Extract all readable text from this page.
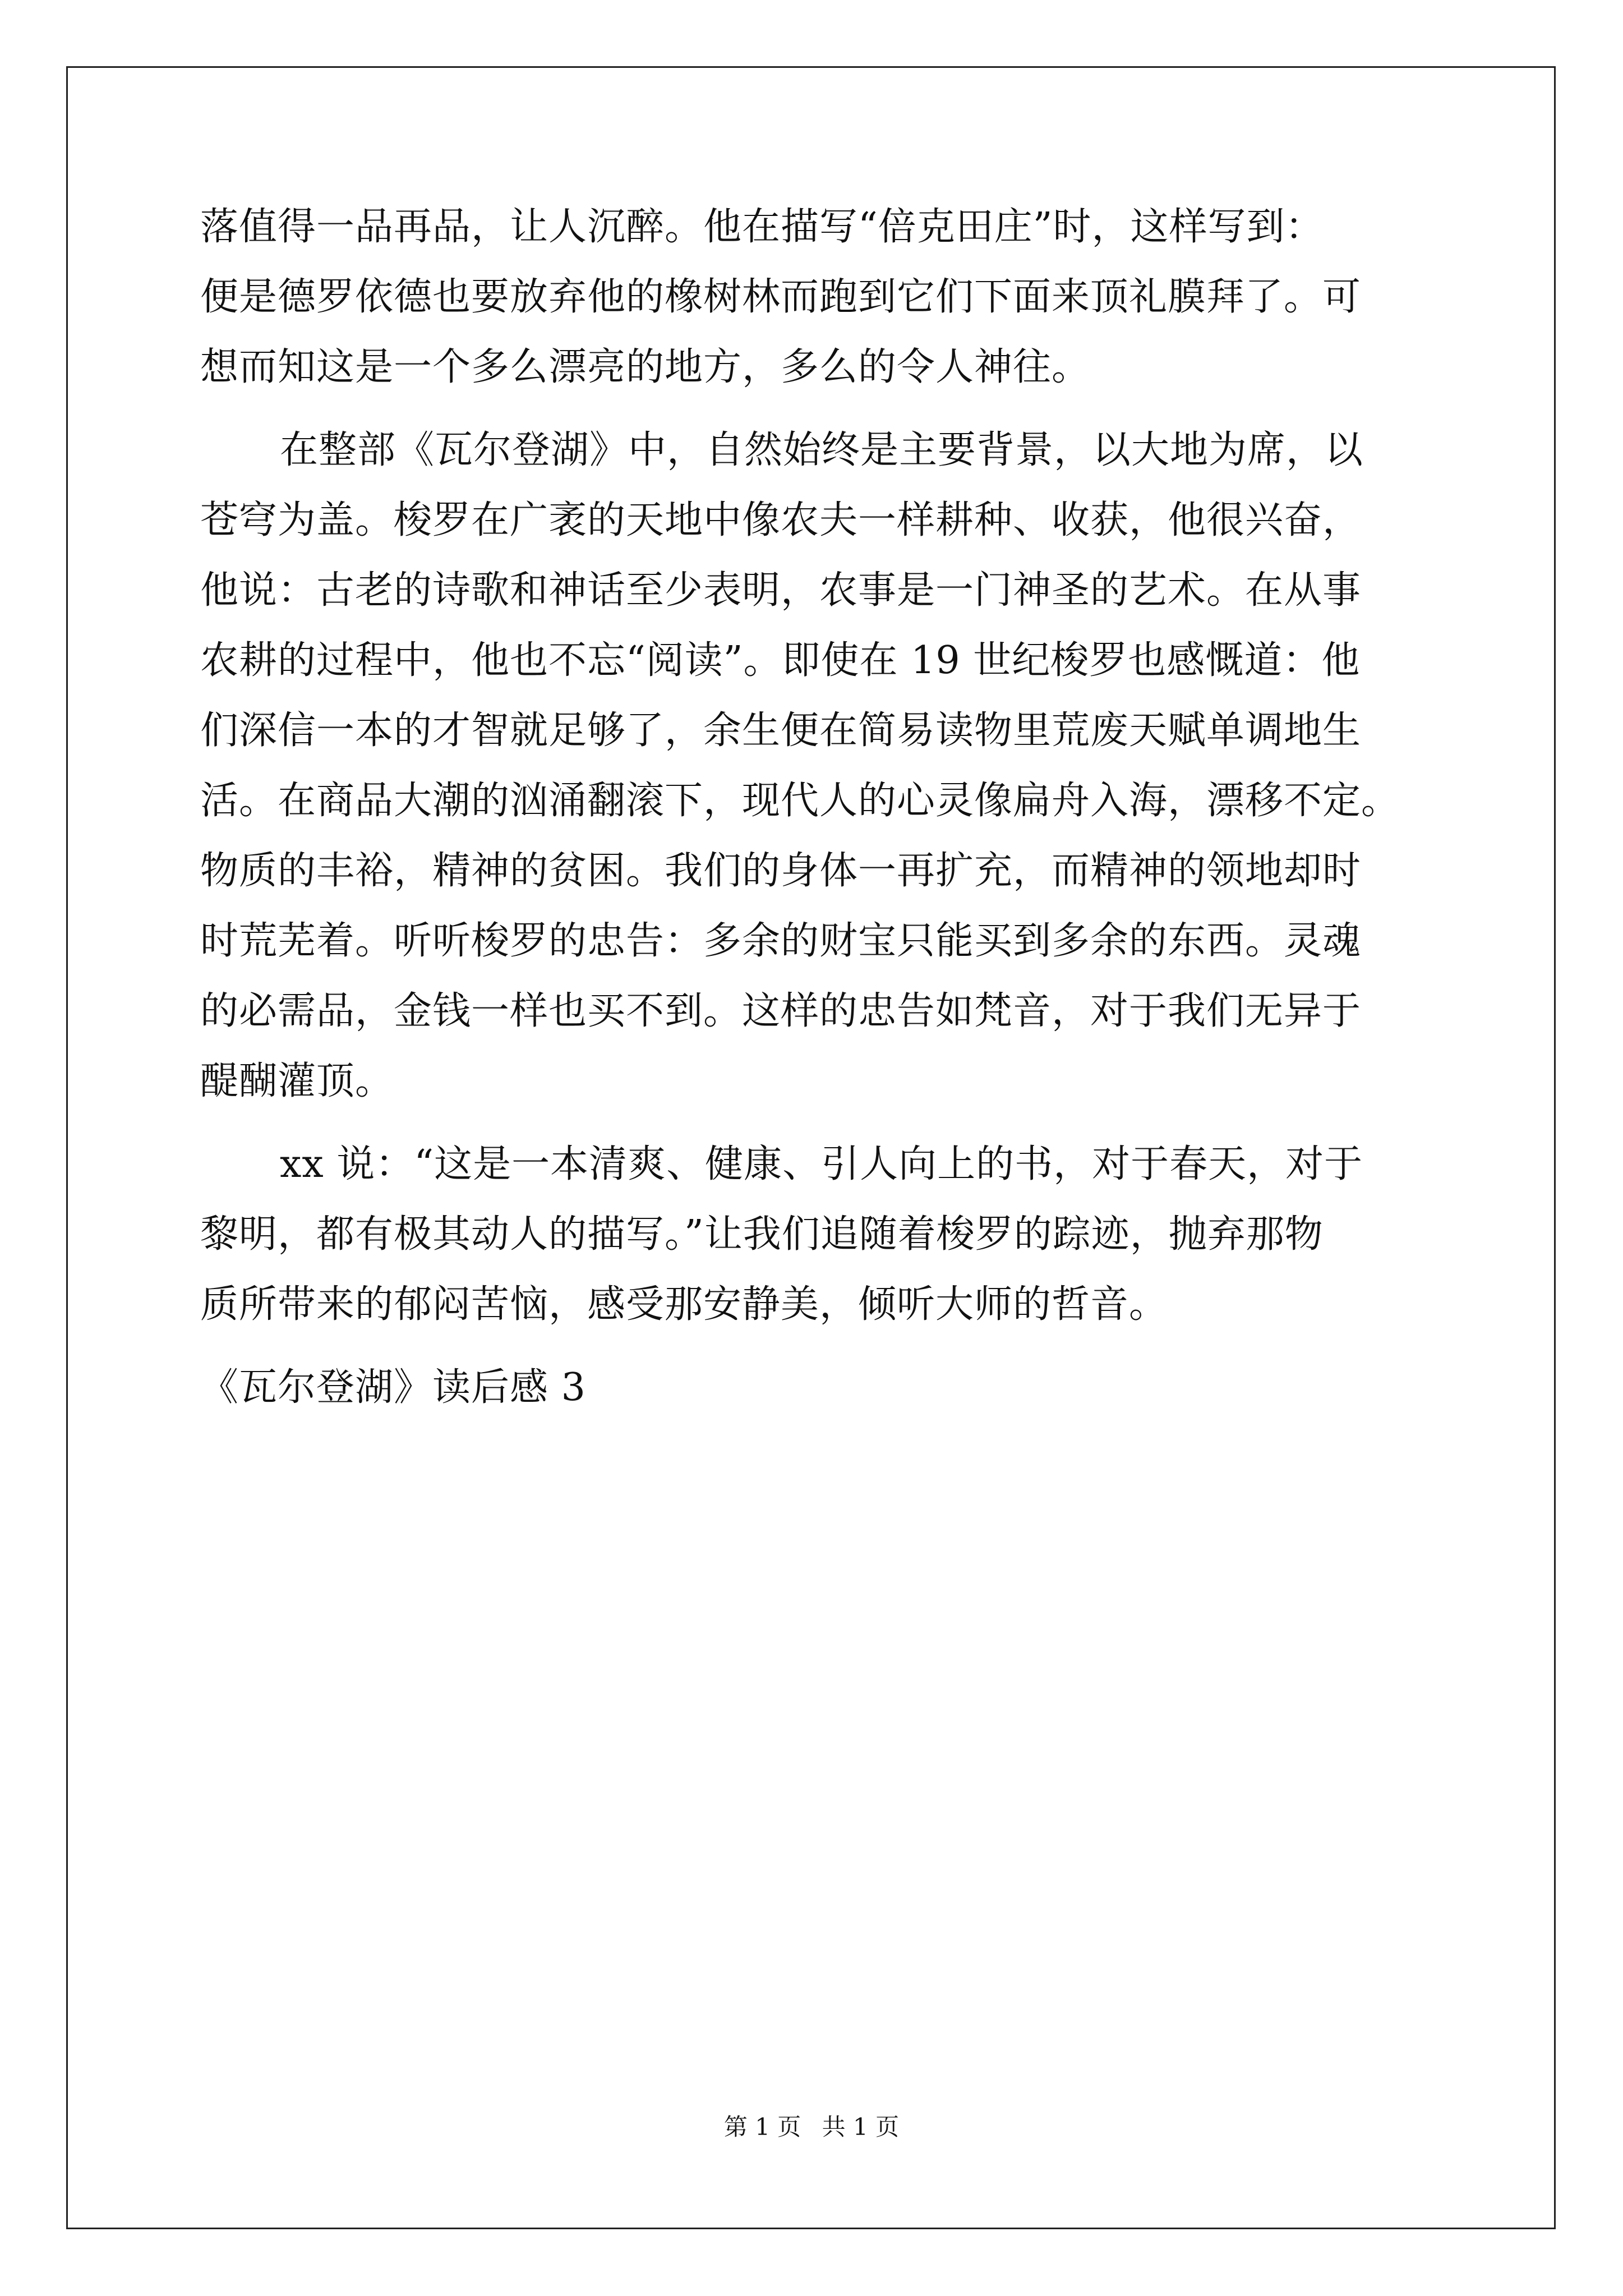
落值得一品再品，让人沉醉。他在描写“倍克田庄”时，这样写到：
便是德罗依德也要放弃他的橡树林而跑到它们下面来顶礼膜拜了。可
想而知这是一个多么漂亮的地方，多么的令人神往。
在整部《瓦尔登湖》中，自然始终是主要背景，以大地为席，以
苍穹为盖。梭罗在广袤的天地中像农夫一样耕种、收获，他很兴奋，
他说：古老的诗歌和神话至少表明，农事是一门神圣的艺术。在从事
农耕的过程中，他也不忘“阅读”。即使在 19 世纪梭罗也感慨道：他
们深信一本的才智就足够了，余生便在简易读物里荒废天赋单调地生
活。在商品大潮的汹涌翻滚下，现代人的心灵像扁舟入海，漂移不定。
物质的丰裕，精神的贫困。我们的身体一再扩充，而精神的领地却时
时荒芜着。听听梭罗的忠告：多余的财宝只能买到多余的东西。灵魂
的必需品，金钱一样也买不到。这样的忠告如梵音，对于我们无异于
醍醐灌顶。
xx 说：“这是一本清爽、健康、引人向上的书，对于春天，对于
黎明，都有极其动人的描写。”让我们追随着梭罗的踪迹，抛弃那物
质所带来的郁闷苦恼，感受那安静美，倾听大师的哲音。
《瓦尔登湖》读后感 3
第 1 页 共 1 页
